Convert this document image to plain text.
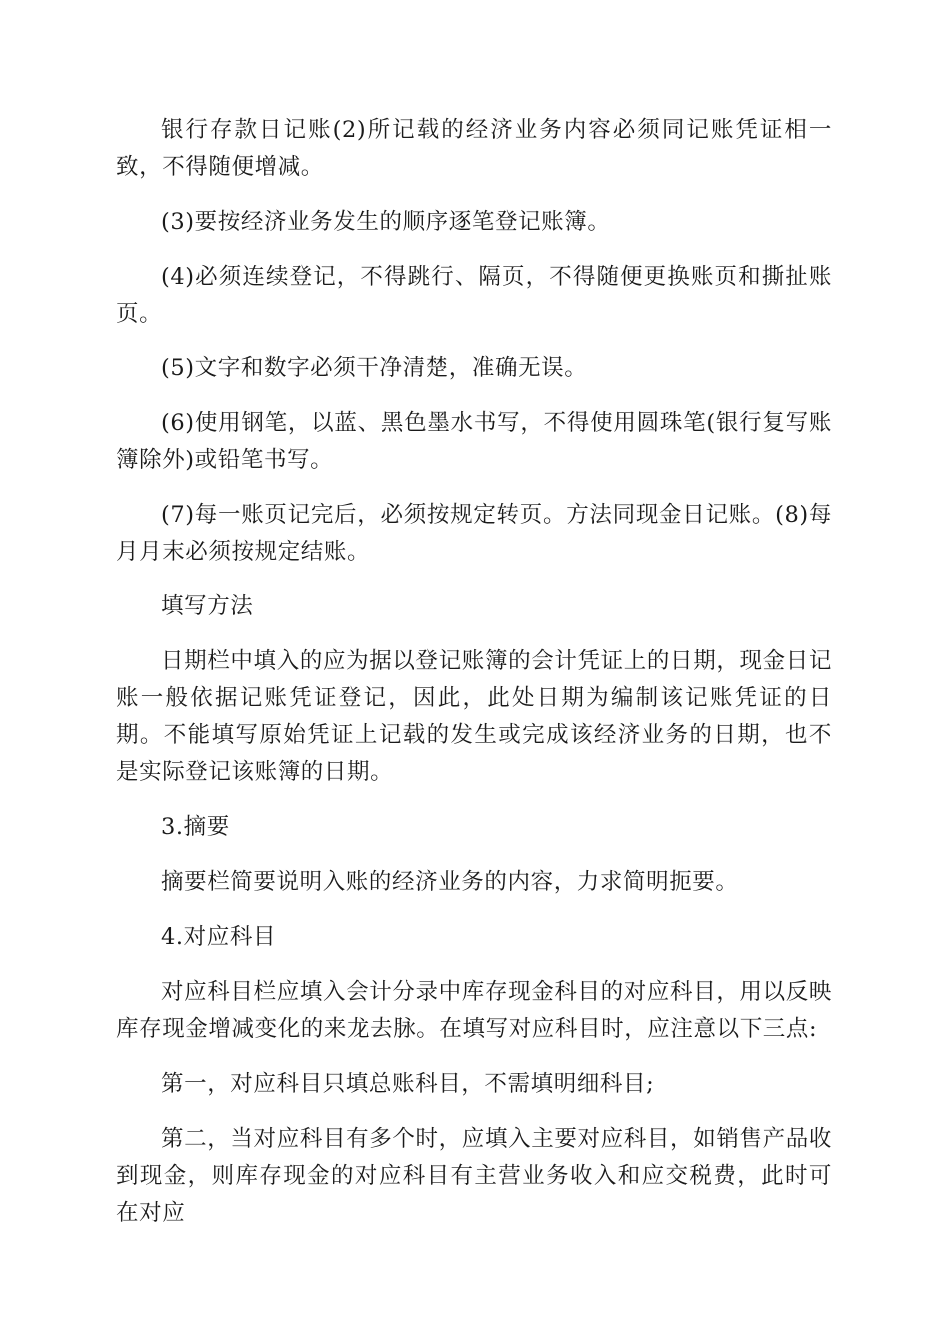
银行存款日记账(2)所记载的经济业务内容必须同记账凭证相一致，不得随便增减。

(3)要按经济业务发生的顺序逐笔登记账簿。

(4)必须连续登记，不得跳行、隔页，不得随便更换账页和撕扯账页。

(5)文字和数字必须干净清楚，准确无误。

(6)使用钢笔，以蓝、黑色墨水书写，不得使用圆珠笔(银行复写账簿除外)或铅笔书写。

(7)每一账页记完后，必须按规定转页。方法同现金日记账。(8)每月月末必须按规定结账。

填写方法

日期栏中填入的应为据以登记账簿的会计凭证上的日期，现金日记账一般依据记账凭证登记，因此，此处日期为编制该记账凭证的日期。不能填写原始凭证上记载的发生或完成该经济业务的日期，也不是实际登记该账簿的日期。

3.摘要

摘要栏简要说明入账的经济业务的内容，力求简明扼要。

4.对应科目

对应科目栏应填入会计分录中库存现金科目的对应科目，用以反映库存现金增减变化的来龙去脉。在填写对应科目时，应注意以下三点:

第一，对应科目只填总账科目，不需填明细科目;

第二，当对应科目有多个时，应填入主要对应科目，如销售产品收到现金，则库存现金的对应科目有主营业务收入和应交税费，此时可在对应
